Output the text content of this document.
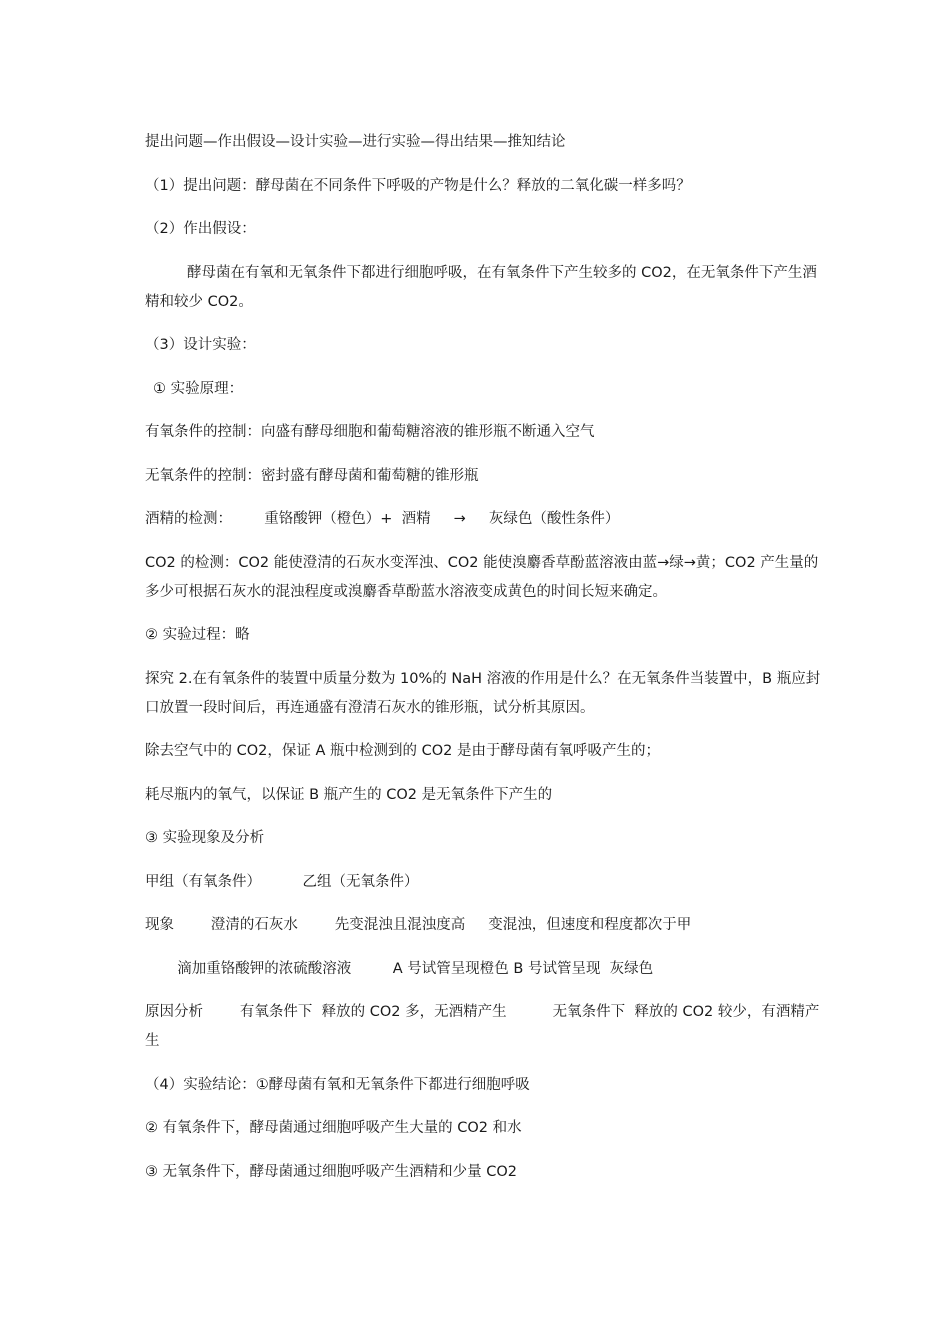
提出问题—作出假设—设计实验—进行实验—得出结果—推知结论

（1）提出问题：酵母菌在不同条件下呼吸的产物是什么？释放的二氧化碳一样多吗？

（2）作出假设：

酵母菌在有氧和无氧条件下都进行细胞呼吸，在有氧条件下产生较多的 CO2，在无氧条件下产生酒精和较少 CO2。

（3）设计实验：

① 实验原理：

有氧条件的控制：向盛有酵母细胞和葡萄糖溶液的锥形瓶不断通入空气

无氧条件的控制：密封盛有酵母菌和葡萄糖的锥形瓶

酒精的检测：       重铬酸钾（橙色）+  酒精     →     灰绿色（酸性条件）

CO2 的检测：CO2 能使澄清的石灰水变浑浊、CO2 能使溴麝香草酚蓝溶液由蓝→绿→黄；CO2 产生量的多少可根据石灰水的混浊程度或溴麝香草酚蓝水溶液变成黄色的时间长短来确定。

② 实验过程：略

探究 2.在有氧条件的装置中质量分数为 10%的 NaH 溶液的作用是什么？在无氧条件当装置中，B 瓶应封口放置一段时间后，再连通盛有澄清石灰水的锥形瓶，试分析其原因。

除去空气中的 CO2，保证 A 瓶中检测到的 CO2 是由于酵母菌有氧呼吸产生的；

耗尽瓶内的氧气，以保证 B 瓶产生的 CO2 是无氧条件下产生的

③ 实验现象及分析

甲组（有氧条件）         乙组（无氧条件）

现象        澄清的石灰水        先变混浊且混浊度高     变混浊，但速度和程度都次于甲

滴加重铬酸钾的浓硫酸溶液         A 号试管呈现橙色 B 号试管呈现  灰绿色

原因分析        有氧条件下  释放的 CO2 多，无酒精产生          无氧条件下  释放的 CO2 较少，有酒精产生

（4）实验结论：①酵母菌有氧和无氧条件下都进行细胞呼吸

② 有氧条件下，酵母菌通过细胞呼吸产生大量的 CO2 和水

③ 无氧条件下，酵母菌通过细胞呼吸产生酒精和少量 CO2
